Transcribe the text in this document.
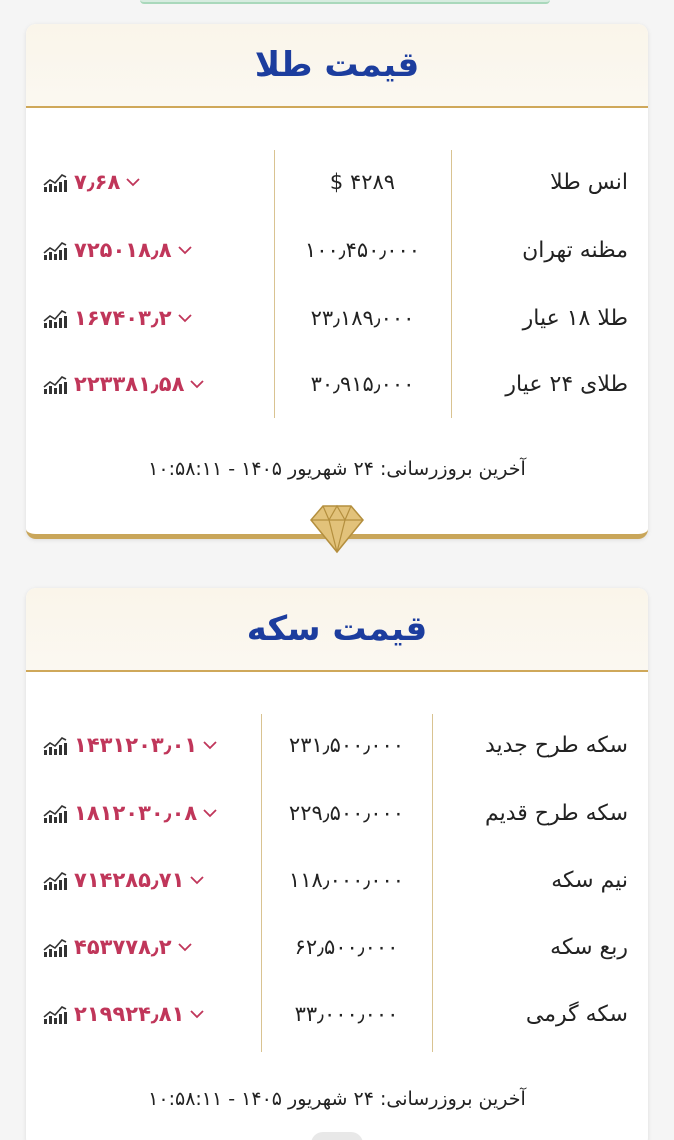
قیمت طلا
انس طلا
$ ۴۲۸۹
۷٫۶۸
مظنه تهران
۱۰۰٫۴۵۰٫۰۰۰
۷۲۵۰۱۸٫۸
طلا ۱۸ عیار
۲۳٫۱۸۹٫۰۰۰
۱۶۷۴۰۳٫۲
طلای ۲۴ عیار
۳۰٫۹۱۵٫۰۰۰
۲۲۳۳۸۱٫۵۸
آخرین بروزرسانی: ۲۴ شهریور ۱۴۰۵ - ۱۰:۵۸:۱۱
قیمت سکه
سکه طرح جدید
۲۳۱٫۵۰۰٫۰۰۰
۱۴۳۱۲۰۳٫۰۱
سکه طرح قدیم
۲۲۹٫۵۰۰٫۰۰۰
۱۸۱۲۰۳۰٫۰۸
نیم سکه
۱۱۸٫۰۰۰٫۰۰۰
۷۱۴۲۸۵٫۷۱
ربع سکه
۶۲٫۵۰۰٫۰۰۰
۴۵۳۷۷۸٫۲
سکه گرمی
۳۳٫۰۰۰٫۰۰۰
۲۱۹۹۲۴٫۸۱
آخرین بروزرسانی: ۲۴ شهریور ۱۴۰۵ - ۱۰:۵۸:۱۱
